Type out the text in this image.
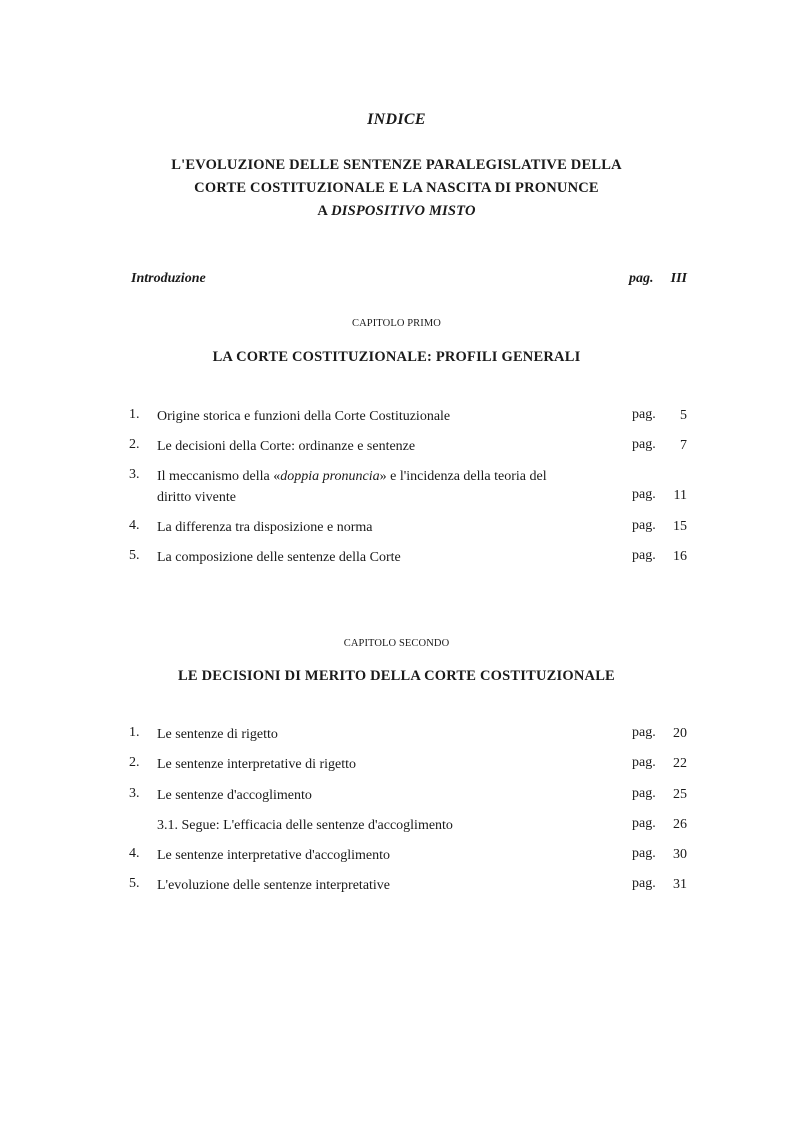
INDICE
L'EVOLUZIONE DELLE SENTENZE PARALEGISLATIVE DELLA
CORTE COSTITUZIONALE E LA NASCITA DI PRONUNCE
A DISPOSITIVO MISTO
Introduzione	pag. III
CAPITOLO PRIMO
LA CORTE COSTITUZIONALE: PROFILI GENERALI
1.	Origine storica e funzioni della Corte Costituzionale	pag.	5
2.	Le decisioni della Corte: ordinanze e sentenze	pag.	7
3.	Il meccanismo della «doppia pronuncia» e l'incidenza della teoria del
diritto vivente	pag.	11
4.	La differenza tra disposizione e norma	pag.	15
5.	La composizione delle sentenze della Corte	pag.	16
CAPITOLO SECONDO
LE DECISIONI DI MERITO DELLA CORTE COSTITUZIONALE
1.	Le sentenze di rigetto	pag.	20
2.	Le sentenze interpretative di rigetto	pag.	22
3.	Le sentenze d'accoglimento	pag.	25
3.1. Segue: L'efficacia delle sentenze d'accoglimento	pag.	26
4.	Le sentenze interpretative d'accoglimento	pag.	30
5.	L'evoluzione delle sentenze interpretative	pag.	31
